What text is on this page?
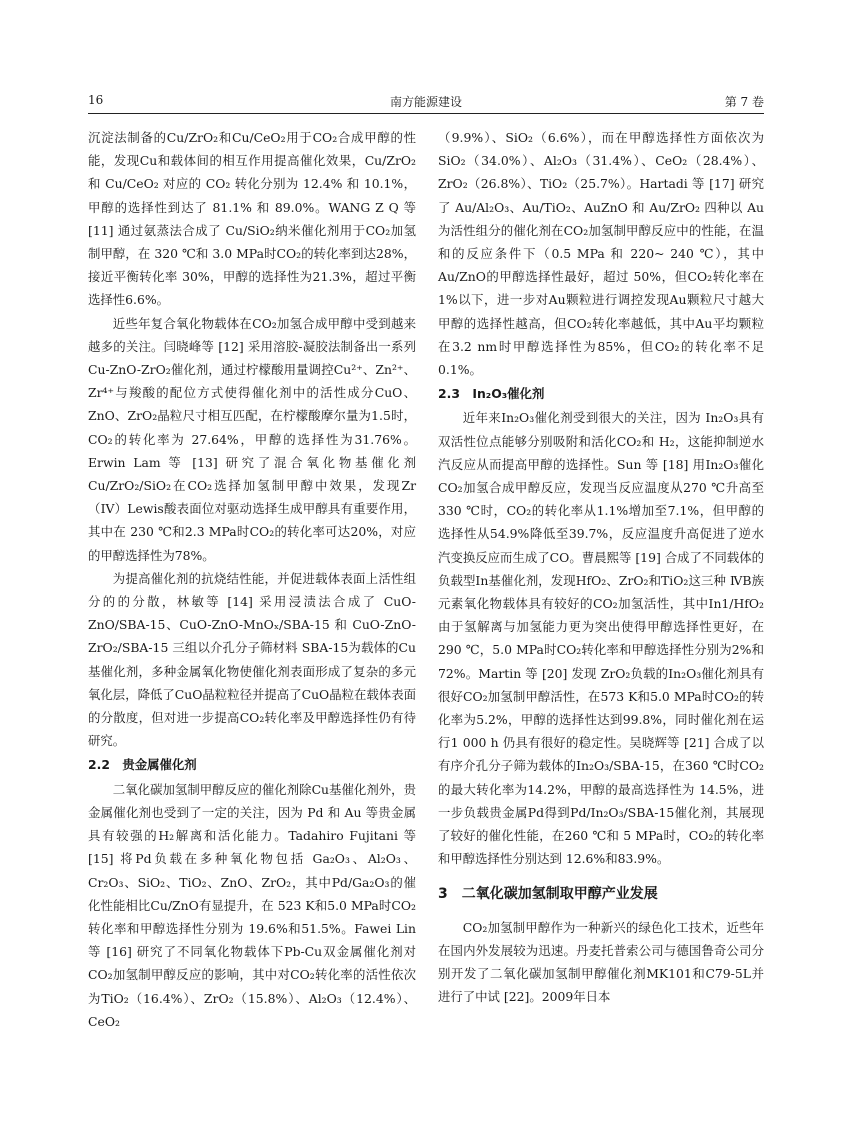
16	南方能源建设	第 7 卷

沉淀法制备的Cu/ZrO₂和Cu/CeO₂用于CO₂合成甲醇的性能，发现Cu和载体间的相互作用提高催化效果，Cu/ZrO₂ 和 Cu/CeO₂ 对应的 CO₂ 转化分别为 12.4% 和 10.1%，甲醇的选择性到达了 81.1% 和 89.0%。WANG Z Q 等 [11] 通过氨蒸法合成了 Cu/SiO₂纳米催化剂用于CO₂加氢制甲醇，在 320 ℃和 3.0 MPa时CO₂的转化率到达28%，接近平衡转化率 30%，甲醇的选择性为21.3%，超过平衡选择性6.6%。

近些年复合氧化物载体在CO₂加氢合成甲醇中受到越来越多的关注。闫晓峰等 [12] 采用溶胶-凝胶法制备出一系列Cu-ZnO-ZrO₂催化剂，通过柠檬酸用量调控Cu²⁺、Zn²⁺、Zr⁴⁺与羧酸的配位方式使得催化剂中的活性成分CuO、ZnO、ZrO₂晶粒尺寸相互匹配，在柠檬酸摩尔量为1.5时，CO₂的转化率为 27.64%，甲醇的选择性为31.76%。Erwin Lam 等 [13] 研究了混合氧化物基催化剂Cu/ZrO₂/SiO₂在CO₂选择加氢制甲醇中效果，发现Zr（IV）Lewis酸表面位对驱动选择生成甲醇具有重要作用，其中在 230 ℃和2.3 MPa时CO₂的转化率可达20%，对应的甲醇选择性为78%。

为提高催化剂的抗烧结性能，并促进载体表面上活性组分的的分散，林敏等 [14] 采用浸渍法合成了 CuO-ZnO/SBA-15、CuO-ZnO-MnOₓ/SBA-15 和 CuO-ZnO-ZrO₂/SBA-15 三组以介孔分子筛材料 SBA-15为载体的Cu基催化剂，多种金属氧化物使催化剂表面形成了复杂的多元氧化层，降低了CuO晶粒粒径并提高了CuO晶粒在载体表面的分散度，但对进一步提高CO₂转化率及甲醇选择性仍有待研究。

2.2　贵金属催化剂

二氧化碳加氢制甲醇反应的催化剂除Cu基催化剂外，贵金属催化剂也受到了一定的关注，因为 Pd 和 Au 等贵金属具有较强的H₂解离和活化能力。Tadahiro Fujitani 等 [15] 将Pd负载在多种氧化物包括 Ga₂O₃、Al₂O₃、Cr₂O₃、SiO₂、TiO₂、ZnO、ZrO₂，其中Pd/Ga₂O₃的催化性能相比Cu/ZnO有显提升，在 523 K和5.0 MPa时CO₂转化率和甲醇选择性分别为 19.6%和51.5%。Fawei Lin 等 [16] 研究了不同氧化物载体下Pb-Cu双金属催化剂对CO₂加氢制甲醇反应的影响，其中对CO₂转化率的活性依次为TiO₂（16.4%）、ZrO₂（15.8%）、Al₂O₃（12.4%）、CeO₂

（9.9%）、SiO₂（6.6%），而在甲醇选择性方面依次为SiO₂（34.0%）、Al₂O₃（31.4%）、CeO₂（28.4%）、ZrO₂（26.8%）、TiO₂（25.7%）。Hartadi 等 [17] 研究了 Au/Al₂O₃、Au/TiO₂、AuZnO 和 Au/ZrO₂ 四种以 Au为活性组分的催化剂在CO₂加氢制甲醇反应中的性能，在温和的反应条件下（0.5 MPa 和 220~ 240 ℃），其中Au/ZnO的甲醇选择性最好，超过 50%，但CO₂转化率在1%以下，进一步对Au颗粒进行调控发现Au颗粒尺寸越大甲醇的选择性越高，但CO₂转化率越低，其中Au平均颗粒在3.2 nm时甲醇选择性为85%，但CO₂的转化率不足0.1%。

2.3　In₂O₃催化剂

近年来In₂O₃催化剂受到很大的关注，因为 In₂O₃具有双活性位点能够分别吸附和活化CO₂和 H₂，这能抑制逆水汽反应从而提高甲醇的选择性。Sun 等 [18] 用In₂O₃催化CO₂加氢合成甲醇反应，发现当反应温度从270 ℃升高至330 ℃时，CO₂的转化率从1.1%增加至7.1%，但甲醇的选择性从54.9%降低至39.7%，反应温度升高促进了逆水汽变换反应而生成了CO。曹晨熙等 [19] 合成了不同载体的负载型In基催化剂，发现HfO₂、ZrO₂和TiO₂这三种 ⅣB族元素氧化物载体具有较好的CO₂加氢活性，其中In1/HfO₂由于氢解离与加氢能力更为突出使得甲醇选择性更好，在290 ℃，5.0 MPa时CO₂转化率和甲醇选择性分别为2%和72%。Martin 等 [20] 发现 ZrO₂负载的In₂O₃催化剂具有很好CO₂加氢制甲醇活性，在573 K和5.0 MPa时CO₂的转化率为5.2%，甲醇的选择性达到99.8%，同时催化剂在运行1 000 h 仍具有很好的稳定性。吴晓辉等 [21] 合成了以有序介孔分子筛为载体的In₂O₃/SBA-15，在360 ℃时CO₂的最大转化率为14.2%，甲醇的最高选择性为 14.5%，进一步负载贵金属Pd得到Pd/In₂O₃/SBA-15催化剂，其展现了较好的催化性能，在260 ℃和 5 MPa时，CO₂的转化率和甲醇选择性分别达到 12.6%和83.9%。

3　二氧化碳加氢制取甲醇产业发展

CO₂加氢制甲醇作为一种新兴的绿色化工技术，近些年在国内外发展较为迅速。丹麦托普索公司与德国鲁奇公司分别开发了二氧化碳加氢制甲醇催化剂MK101和C79-5L并进行了中试 [22]。2009年日本
